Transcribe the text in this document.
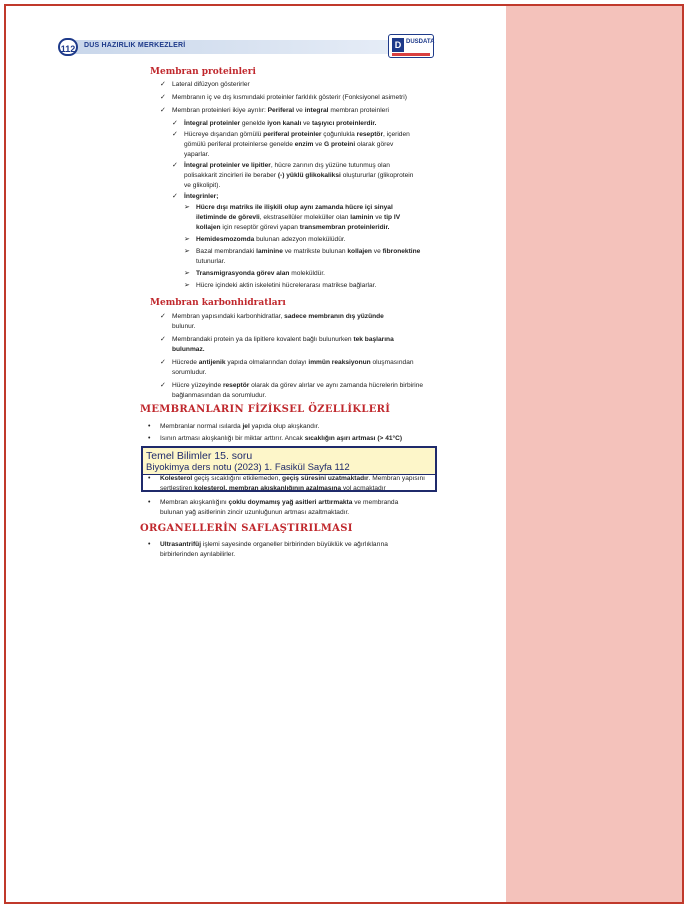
112	DUS HAZIRLIK MERKEZLERİ	D DUSDATA
Membran proteinleri
✓ Lateral difüzyon gösterirler
✓ Membranın iç ve dış kısmındaki proteinler farklılık gösterir (Fonksiyonel asimetri)
✓ Membran proteinleri ikiye ayrılır: Periferal ve integral membran proteinleri
✓ İntegral proteinler genelde iyon kanalı ve taşıyıcı proteinlerdir.
✓ Hücreye dışarıdan gömülü periferal proteinler çoğunlukla reseptör, içeriden
gömülü periferal proteinlerse genelde enzim ve G proteini olarak görev
yaparlar.
✓ İntegral proteinler ve lipitler, hücre zarının dış yüzüne tutunmuş olan
polisakkarit zincirleri ile beraber (-) yüklü glikokaliksi oluştururlar (glikoprotein
ve glikolipit).
✓ İntegrinler;
➢ Hücre dışı matriks ile ilişkili olup aynı zamanda hücre içi sinyal
iletiminde de görevli, ekstrasellüler moleküller olan laminin ve tip IV
kollajen için reseptör görevi yapan transmembran proteinleridir.
➢ Hemidesmozomda bulunan adezyon molekülüdür.
➢ Bazal membrandaki laminine ve matrikste bulunan kollajen ve fibronektine
tutunurlar.
➢ Transmigrasyonda görev alan moleküldür.
➢ Hücre içindeki aktin iskeletini hücrelerarası matrikse bağlarlar.
✓ Membran yapısındaki karbonhidratlar, sadece membranın dış yüzünde
bulunur.
✓ Membrandaki protein ya da lipitlere kovalent bağlı bulunurken tek başlarına
bulunmaz.
✓ Hücrede antijenik yapıda olmalarından dolayı immün reaksiyonun oluşmasından
sorumludur.
✓ Hücre yüzeyinde reseptör olarak da görev alırlar ve aynı zamanda hücrelerin birbirine
bağlanmasından da sorumludur.
• Membranlar normal ısılarda jel yapıda olup akışkandır.
• Isının artması akışkanlığı bir miktar arttırır. Ancak sıcaklığın aşırı artması (> 41°C)
• Kolesterol geçiş sıcaklığını etkilemeden, geçiş süresini uzatmaktadır. Membran yapısını
sertleştiren kolesterol, membran akışkanlığının azalmasına yol açmaktadır
• Membran akışkanlığını çoklu doymamış yağ asitleri arttırmakta ve membranda
bulunan yağ asitlerinin zincir uzunluğunun artması azaltmaktadır.
• Ultrasantrifüj işlemi sayesinde organeller birbirinden büyüklük ve ağırlıklarına
birbirlerinden ayrılabilirler.
Membran karbonhidratları
MEMBRANLARIN FİZİKSEL ÖZELLİKLERİ
ORGANELLERİN SAFLAŞTIRILMASI
Temel Bilimler 15. soru
Biyokimya ders notu (2023) 1. Fasikül Sayfa 112
